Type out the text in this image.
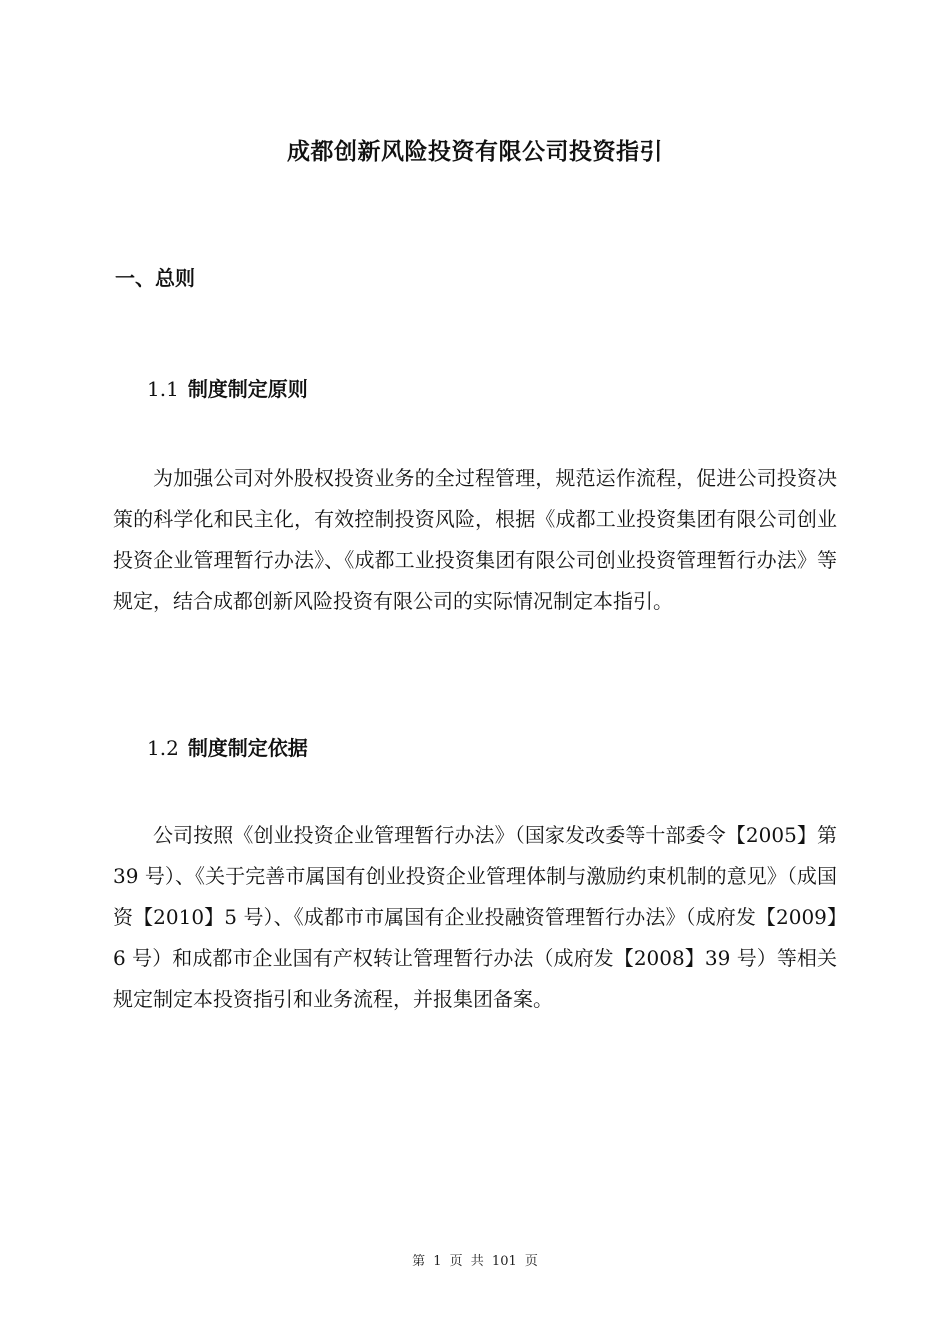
成都创新风险投资有限公司投资指引
一、总则
1.1 制度制定原则
为加强公司对外股权投资业务的全过程管理，规范运作流程，促进公司投资决策的科学化和民主化，有效控制投资风险，根据《成都工业投资集团有限公司创业投资企业管理暂行办法》、《成都工业投资集团有限公司创业投资管理暂行办法》等规定，结合成都创新风险投资有限公司的实际情况制定本指引。
1.2 制度制定依据
公司按照《创业投资企业管理暂行办法》（国家发改委等十部委令【2005】第 39 号）、《关于完善市属国有创业投资企业管理体制与激励约束机制的意见》（成国资【2010】5 号）、《成都市市属国有企业投融资管理暂行办法》（成府发【2009】6 号）和成都市企业国有产权转让管理暂行办法（成府发【2008】39 号）等相关规定制定本投资指引和业务流程，并报集团备案。
第 1 页 共 101 页
